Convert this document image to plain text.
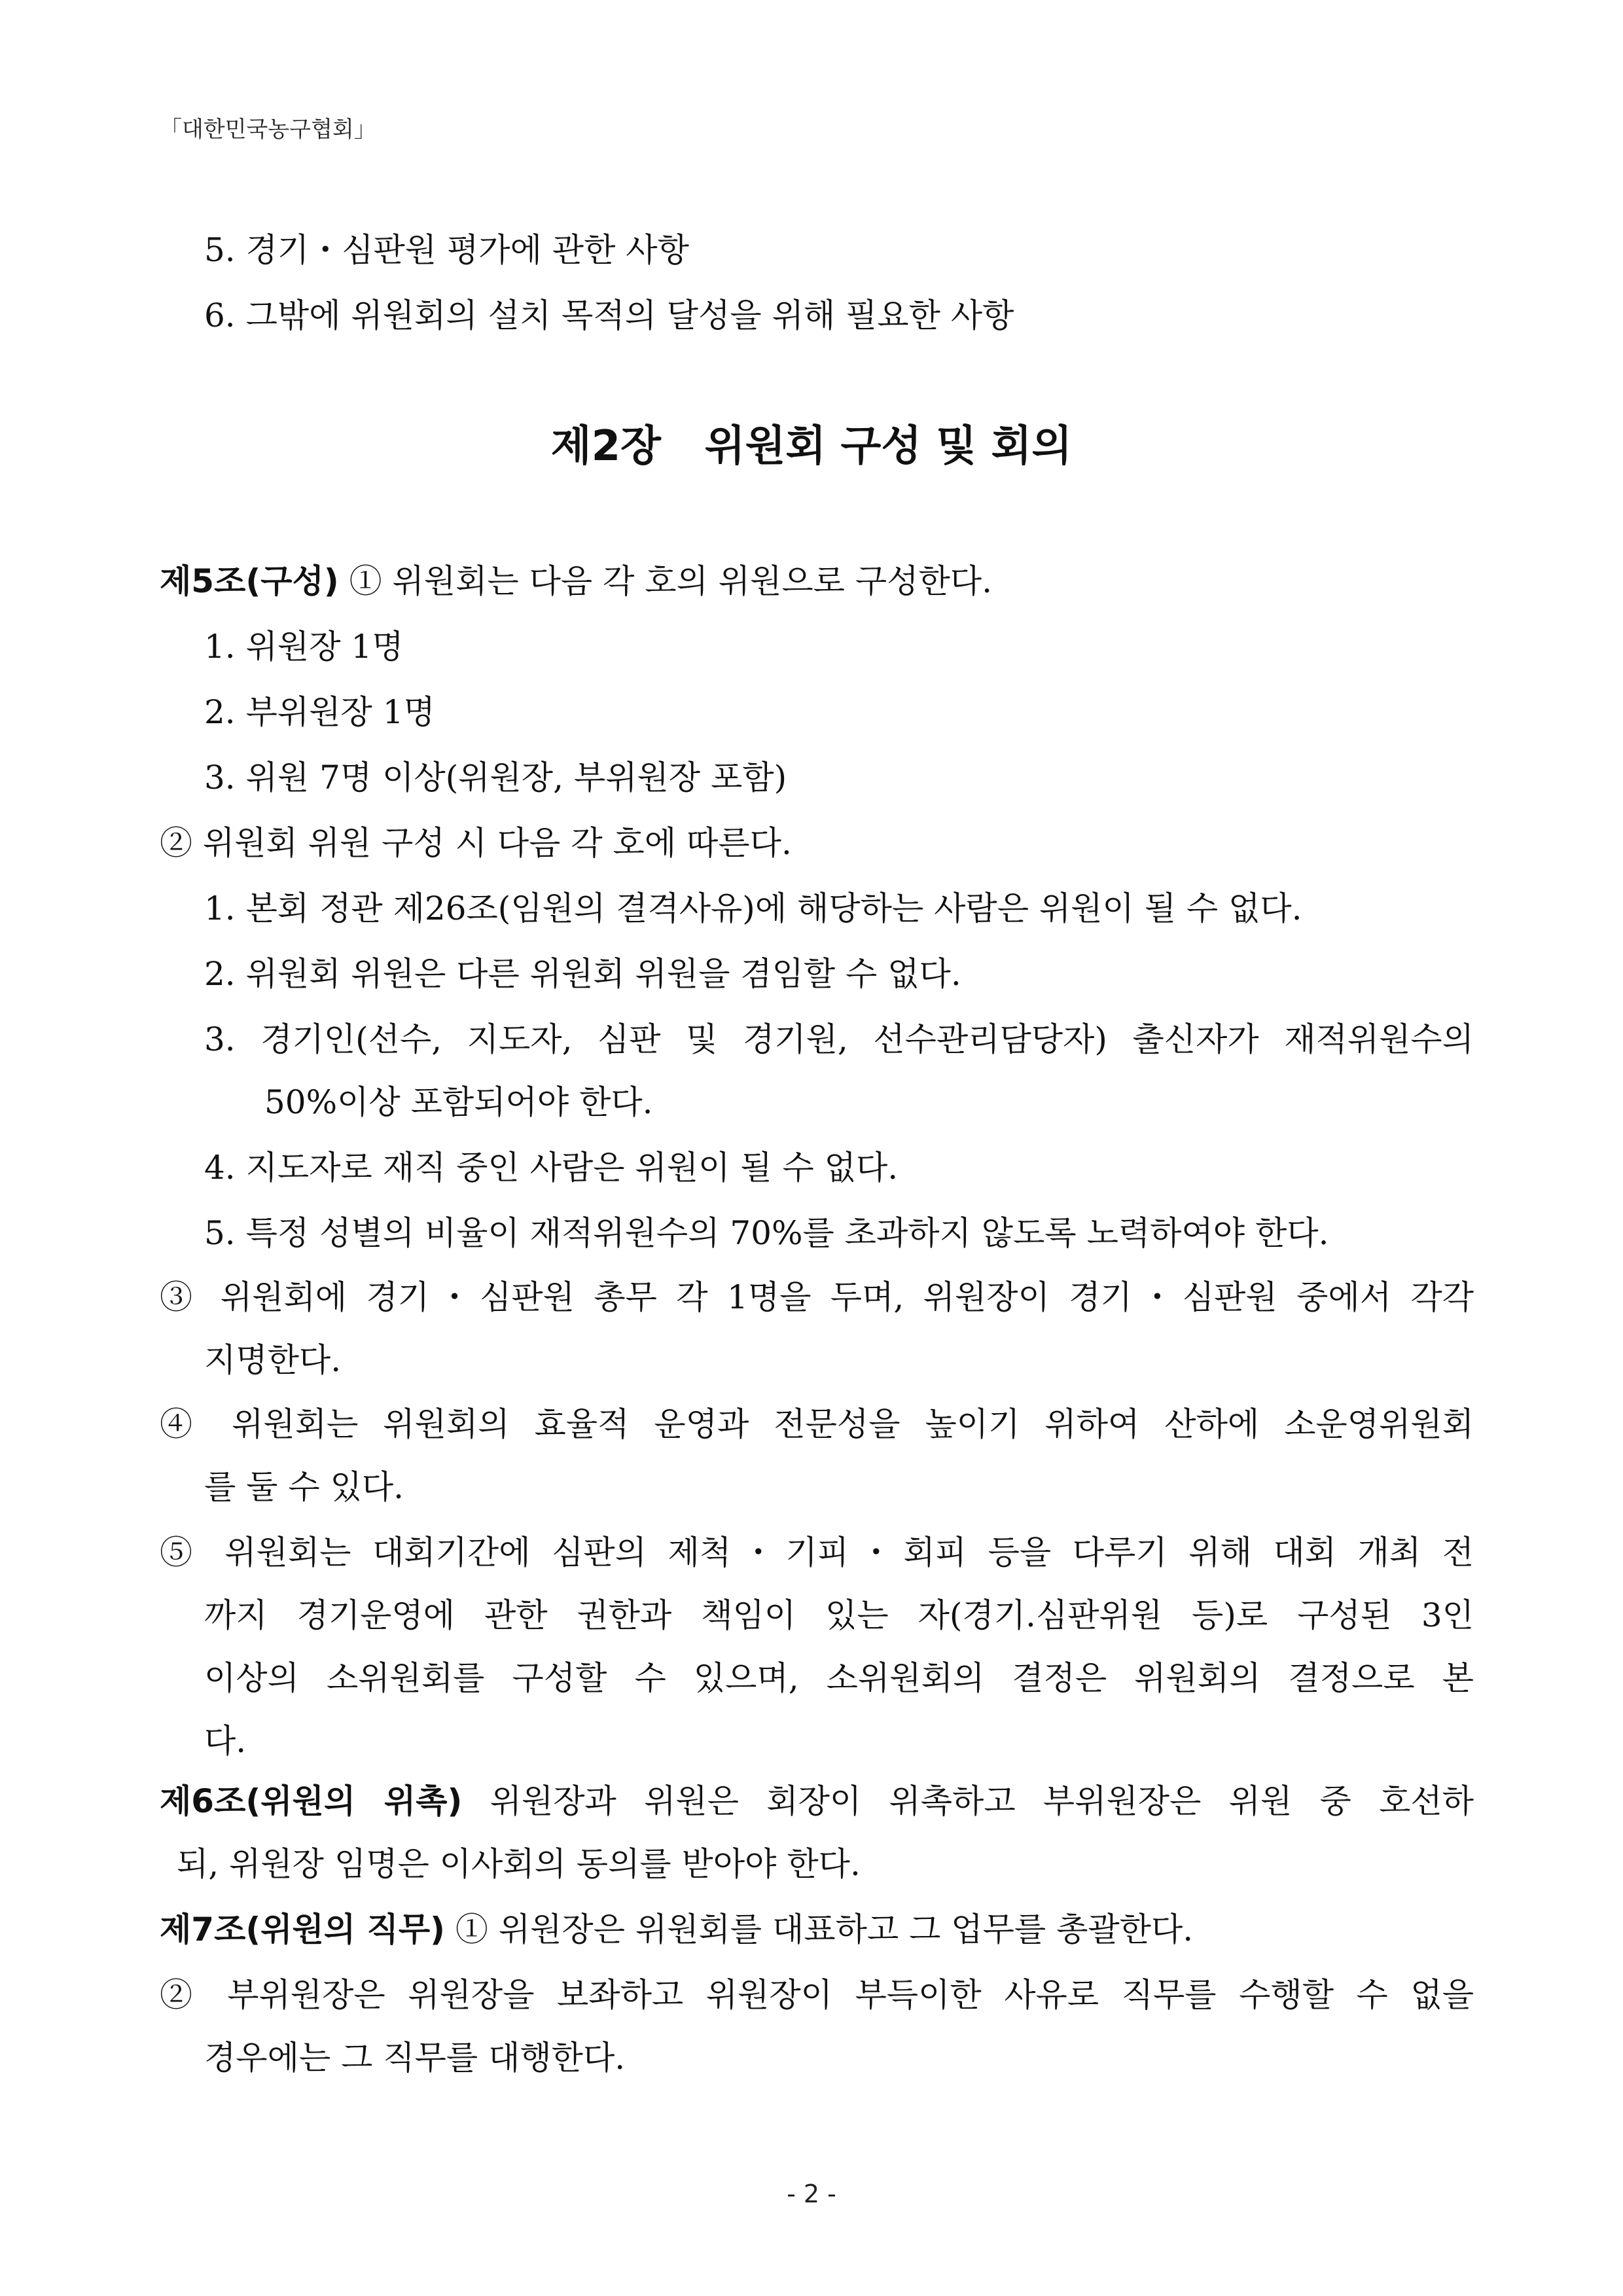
「대한민국농구협회」
5. 경기・심판원 평가에 관한 사항
6. 그밖에 위원회의 설치 목적의 달성을 위해 필요한 사항
제2장   위원회 구성 및 회의
제5조(구성) ① 위원회는 다음 각 호의 위원으로 구성한다.
1. 위원장 1명
2. 부위원장 1명
3. 위원 7명 이상(위원장, 부위원장 포함)
② 위원회 위원 구성 시 다음 각 호에 따른다.
1. 본회 정관 제26조(임원의 결격사유)에 해당하는 사람은 위원이 될 수 없다.
2. 위원회 위원은 다른 위원회 위원을 겸임할 수 없다.
3. 경기인(선수, 지도자, 심판 및 경기원, 선수관리담당자) 출신자가 재적위원수의
50%이상 포함되어야 한다.
4. 지도자로 재직 중인 사람은 위원이 될 수 없다.
5. 특정 성별의 비율이 재적위원수의 70%를 초과하지 않도록 노력하여야 한다.
③ 위원회에 경기・심판원 총무 각 1명을 두며, 위원장이 경기・심판원 중에서 각각
지명한다.
④ 위원회는 위원회의 효율적 운영과 전문성을 높이기 위하여 산하에 소운영위원회
를 둘 수 있다.
⑤ 위원회는 대회기간에 심판의 제척・기피・회피 등을 다루기 위해 대회 개최 전
까지 경기운영에 관한 권한과 책임이 있는 자(경기.심판위원 등)로 구성된 3인
이상의 소위원회를 구성할 수 있으며, 소위원회의 결정은 위원회의 결정으로 본
다.
제6조(위원의 위촉) 위원장과 위원은 회장이 위촉하고 부위원장은 위원 중 호선하
되, 위원장 임명은 이사회의 동의를 받아야 한다.
제7조(위원의 직무) ① 위원장은 위원회를 대표하고 그 업무를 총괄한다.
② 부위원장은 위원장을 보좌하고 위원장이 부득이한 사유로 직무를 수행할 수 없을
경우에는 그 직무를 대행한다.
- 2 -
